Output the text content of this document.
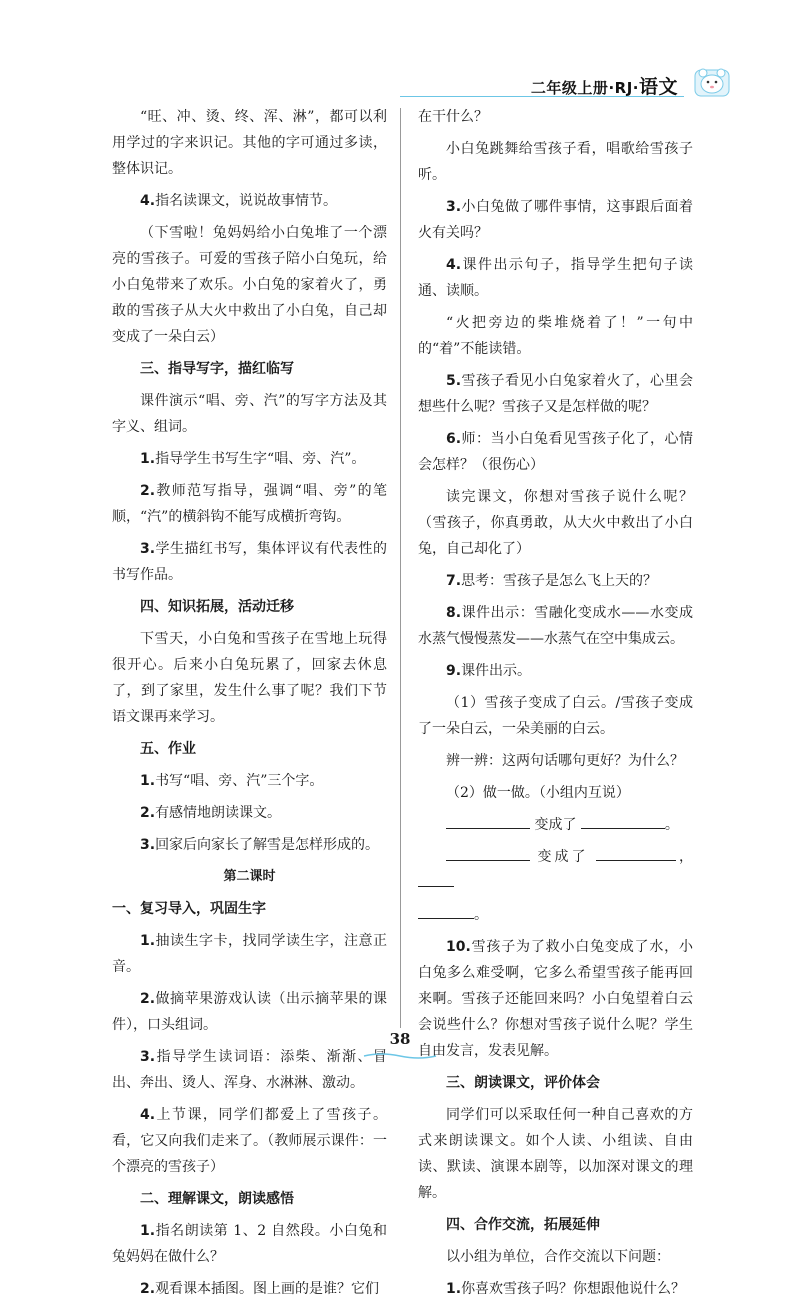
二年级上册·RJ·语文

“旺、冲、烫、终、浑、淋”，都可以利用学过的字来识记。其他的字可通过多读，整体识记。

4.指名读课文，说说故事情节。

（下雪啦！兔妈妈给小白兔堆了一个漂亮的雪孩子。可爱的雪孩子陪小白兔玩，给小白兔带来了欢乐。小白兔的家着火了，勇敢的雪孩子从大火中救出了小白兔，自己却变成了一朵白云）

三、指导写字，描红临写

课件演示“唱、旁、汽”的写字方法及其字义、组词。

1.指导学生书写生字“唱、旁、汽”。

2.教师范写指导，强调“唱、旁”的笔顺，“汽”的横斜钩不能写成横折弯钩。

3.学生描红书写，集体评议有代表性的书写作品。

四、知识拓展，活动迁移

下雪天，小白兔和雪孩子在雪地上玩得很开心。后来小白兔玩累了，回家去休息了，到了家里，发生什么事了呢？我们下节语文课再来学习。

五、作业

1.书写“唱、旁、汽”三个字。

2.有感情地朗读课文。

3.回家后向家长了解雪是怎样形成的。

第二课时

一、复习导入，巩固生字

1.抽读生字卡，找同学读生字，注意正音。

2.做摘苹果游戏认读（出示摘苹果的课件），口头组词。

3.指导学生读词语：添柴、渐渐、冒出、奔出、烫人、浑身、水淋淋、激动。

4.上节课，同学们都爱上了雪孩子。看，它又向我们走来了。（教师展示课件：一个漂亮的雪孩子）

二、理解课文，朗读感悟

1.指名朗读第 1、2 自然段。小白兔和兔妈妈在做什么？

2.观看课本插图。图上画的是谁？它们

在干什么？

小白兔跳舞给雪孩子看，唱歌给雪孩子听。

3.小白兔做了哪件事情，这事跟后面着火有关吗？

4.课件出示句子，指导学生把句子读通、读顺。

“火把旁边的柴堆烧着了！”一句中的“着”不能读错。

5.雪孩子看见小白兔家着火了，心里会想些什么呢？雪孩子又是怎样做的呢？

6.师：当小白兔看见雪孩子化了，心情会怎样？（很伤心）

读完课文，你想对雪孩子说什么呢？（雪孩子，你真勇敢，从大火中救出了小白兔，自己却化了）

7.思考：雪孩子是怎么飞上天的？

8.课件出示：雪融化变成水——水变成水蒸气慢慢蒸发——水蒸气在空中集成云。

9.课件出示。

（1）雪孩子变成了白云。/雪孩子变成了一朵白云，一朵美丽的白云。

辨一辨：这两句话哪句更好？为什么？

（2）做一做。（小组内互说）

变成了	。

变成了	，

。

10.雪孩子为了救小白兔变成了水，小白兔多么难受啊，它多么希望雪孩子能再回来啊。雪孩子还能回来吗？小白兔望着白云会说些什么？你想对雪孩子说什么呢？学生自由发言，发表见解。

三、朗读课文，评价体会

同学们可以采取任何一种自己喜欢的方式来朗读课文。如个人读、小组读、自由读、默读、演课本剧等，以加深对课文的理解。

四、合作交流，拓展延伸

以小组为单位，合作交流以下问题：

1.你喜欢雪孩子吗？你想跟他说什么？

38
